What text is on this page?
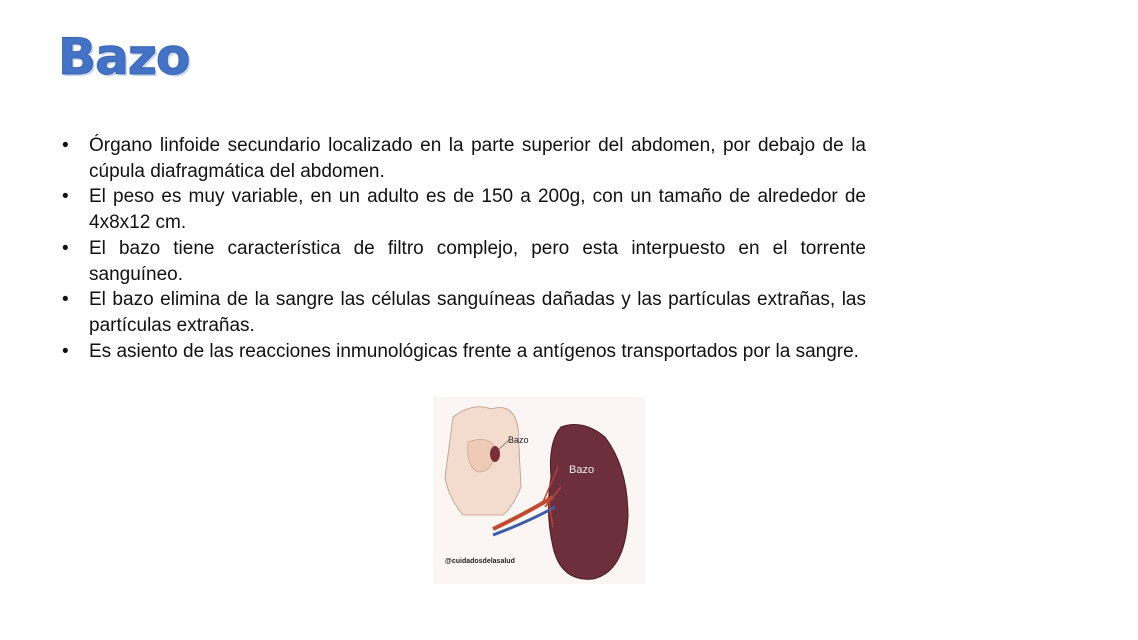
Bazo
• Órgano linfoide secundario localizado en la parte superior del abdomen, por debajo de la cúpula diafragmática del abdomen.
• El peso es muy variable, en un adulto es de 150 a 200g, con un tamaño de alrededor de 4x8x12 cm.
• El bazo tiene característica de filtro complejo, pero esta interpuesto en el torrente sanguíneo.
• El bazo elimina de la sangre las células sanguíneas dañadas y las partículas extrañas, las partículas extrañas.
• Es asiento de las reacciones inmunológicas frente a antígenos transportados por la sangre.
Bazo
Bazo
@cuidadosdelasalud
